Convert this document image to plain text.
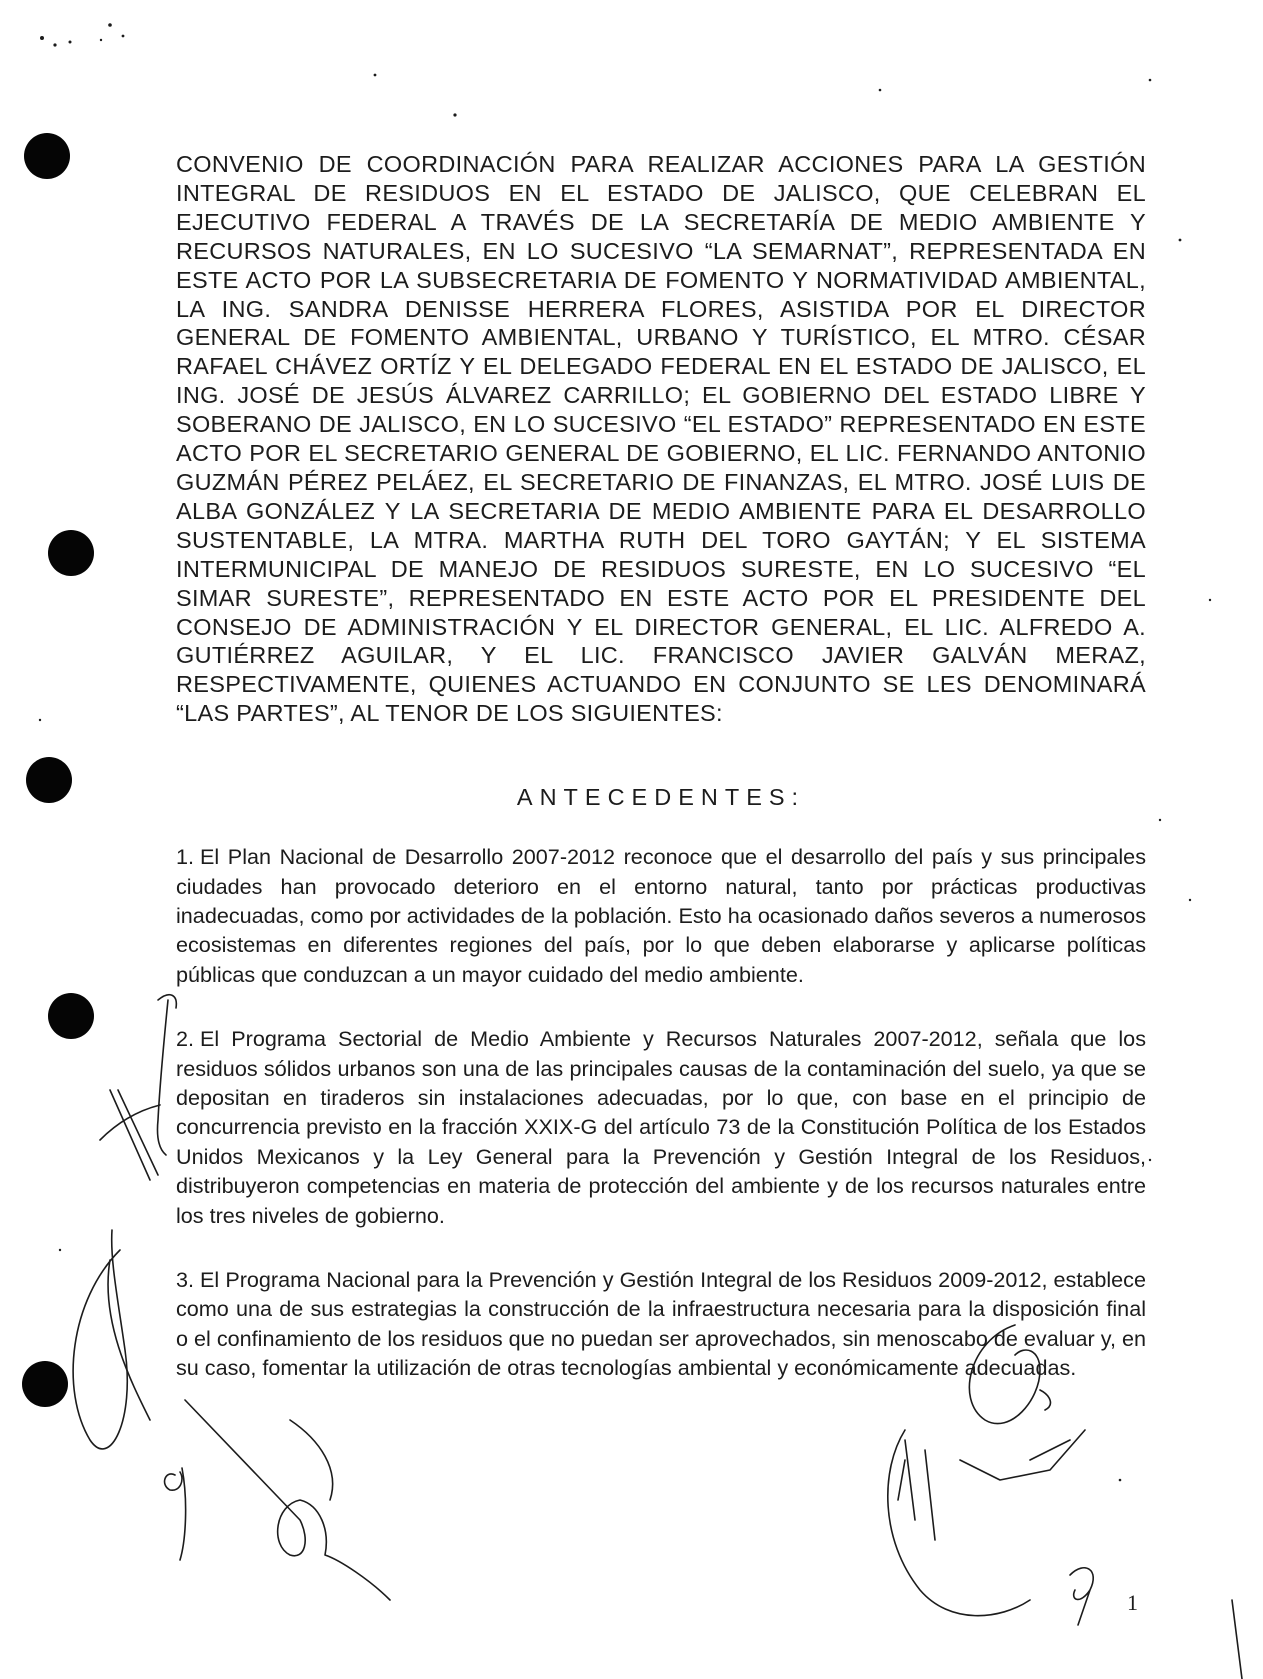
CONVENIO DE COORDINACIÓN PARA REALIZAR ACCIONES PARA LA GESTIÓN INTEGRAL DE RESIDUOS EN EL ESTADO DE JALISCO, QUE CELEBRAN EL EJECUTIVO FEDERAL A TRAVÉS DE LA SECRETARÍA DE MEDIO AMBIENTE Y RECURSOS NATURALES, EN LO SUCESIVO “LA SEMARNAT”, REPRESENTADA EN ESTE ACTO POR LA SUBSECRETARIA DE FOMENTO Y NORMATIVIDAD AMBIENTAL, LA ING. SANDRA DENISSE HERRERA FLORES, ASISTIDA POR EL DIRECTOR GENERAL DE FOMENTO AMBIENTAL, URBANO Y TURÍSTICO, EL MTRO. CÉSAR RAFAEL CHÁVEZ ORTÍZ Y EL DELEGADO FEDERAL EN EL ESTADO DE JALISCO, EL ING. JOSÉ DE JESÚS ÁLVAREZ CARRILLO; EL GOBIERNO DEL ESTADO LIBRE Y SOBERANO DE JALISCO, EN LO SUCESIVO “EL ESTADO” REPRESENTADO EN ESTE ACTO POR EL SECRETARIO GENERAL DE GOBIERNO, EL LIC. FERNANDO ANTONIO GUZMÁN PÉREZ PELÁEZ, EL SECRETARIO DE FINANZAS, EL MTRO. JOSÉ LUIS DE ALBA GONZÁLEZ Y LA SECRETARIA DE MEDIO AMBIENTE PARA EL DESARROLLO SUSTENTABLE, LA MTRA. MARTHA RUTH DEL TORO GAYTÁN; Y EL SISTEMA INTERMUNICIPAL DE MANEJO DE RESIDUOS SURESTE, EN LO SUCESIVO “EL SIMAR SURESTE”, REPRESENTADO EN ESTE ACTO POR EL PRESIDENTE DEL CONSEJO DE ADMINISTRACIÓN Y EL DIRECTOR GENERAL, EL LIC. ALFREDO A. GUTIÉRREZ AGUILAR, Y EL LIC. FRANCISCO JAVIER GALVÁN MERAZ, RESPECTIVAMENTE, QUIENES ACTUANDO EN CONJUNTO SE LES DENOMINARÁ “LAS PARTES”, AL TENOR DE LOS SIGUIENTES:

ANTECEDENTES:

1. El Plan Nacional de Desarrollo 2007-2012 reconoce que el desarrollo del país y sus principales ciudades han provocado deterioro en el entorno natural, tanto por prácticas productivas inadecuadas, como por actividades de la población. Esto ha ocasionado daños severos a numerosos ecosistemas en diferentes regiones del país, por lo que deben elaborarse y aplicarse políticas públicas que conduzcan a un mayor cuidado del medio ambiente.

2. El Programa Sectorial de Medio Ambiente y Recursos Naturales 2007-2012, señala que los residuos sólidos urbanos son una de las principales causas de la contaminación del suelo, ya que se depositan en tiraderos sin instalaciones adecuadas, por lo que, con base en el principio de concurrencia previsto en la fracción XXIX-G del artículo 73 de la Constitución Política de los Estados Unidos Mexicanos y la Ley General para la Prevención y Gestión Integral de los Residuos, distribuyeron competencias en materia de protección del ambiente y de los recursos naturales entre los tres niveles de gobierno.

3. El Programa Nacional para la Prevención y Gestión Integral de los Residuos 2009-2012, establece como una de sus estrategias la construcción de la infraestructura necesaria para la disposición final o el confinamiento de los residuos que no puedan ser aprovechados, sin menoscabo de evaluar y, en su caso, fomentar la utilización de otras tecnologías ambiental y económicamente adecuadas.

1
